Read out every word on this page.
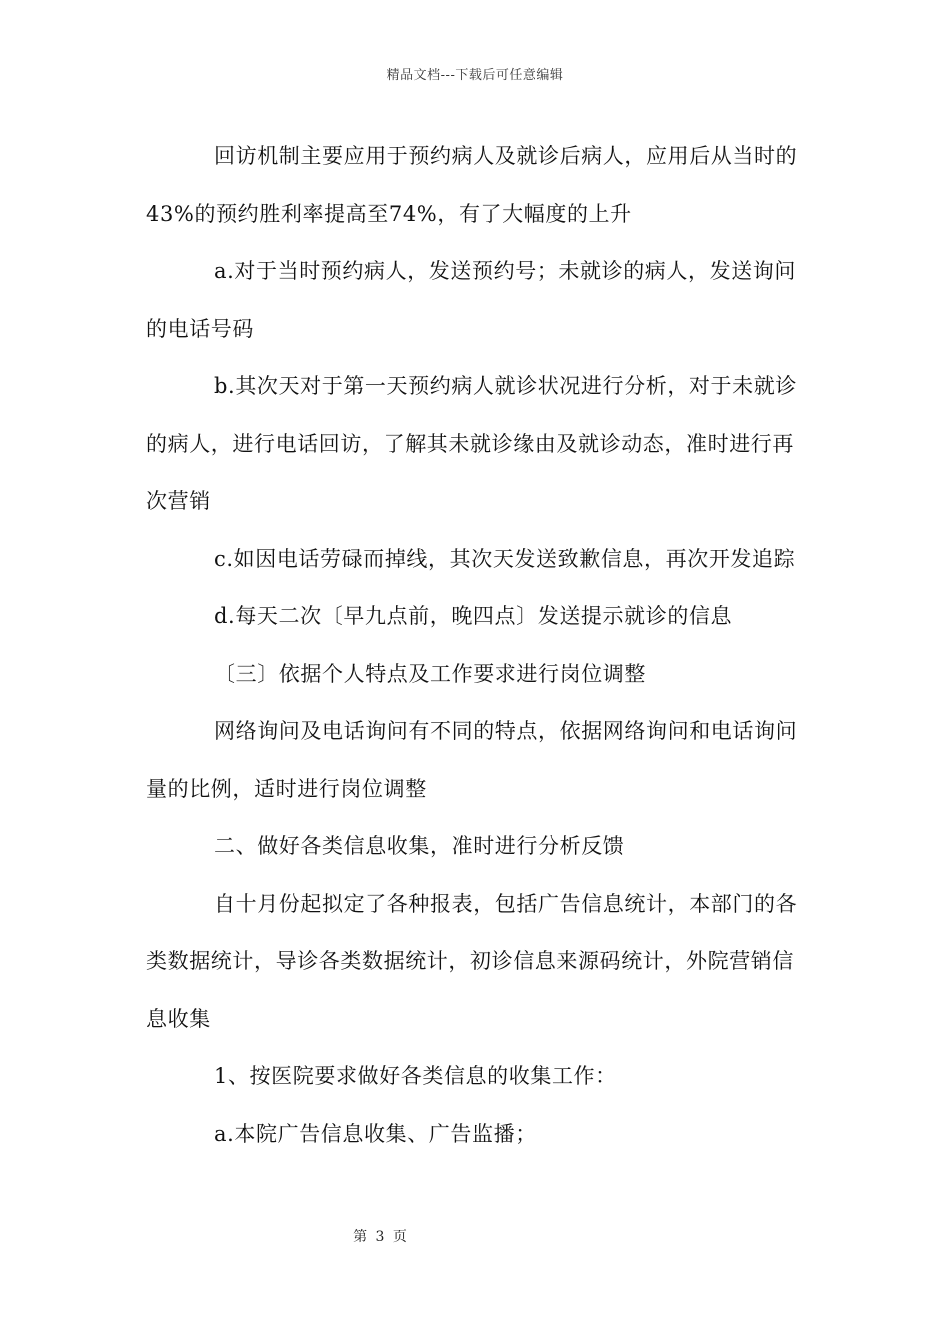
精品文档---下载后可任意编辑

回访机制主要应用于预约病人及就诊后病人，应用后从当时的43%的预约胜利率提高至74%，有了大幅度的上升

a.对于当时预约病人，发送预约号；未就诊的病人，发送询问的电话号码

b.其次天对于第一天预约病人就诊状况进行分析，对于未就诊的病人，进行电话回访，了解其未就诊缘由及就诊动态，准时进行再次营销

c.如因电话劳碌而掉线，其次天发送致歉信息，再次开发追踪

d.每天二次〔早九点前，晚四点〕发送提示就诊的信息

〔三〕依据个人特点及工作要求进行岗位调整

网络询问及电话询问有不同的特点，依据网络询问和电话询问量的比例，适时进行岗位调整

二、做好各类信息收集，准时进行分析反馈

自十月份起拟定了各种报表，包括广告信息统计，本部门的各类数据统计，导诊各类数据统计，初诊信息来源码统计，外院营销信息收集

1、按医院要求做好各类信息的收集工作：

a.本院广告信息收集、广告监播；

第 3 页
